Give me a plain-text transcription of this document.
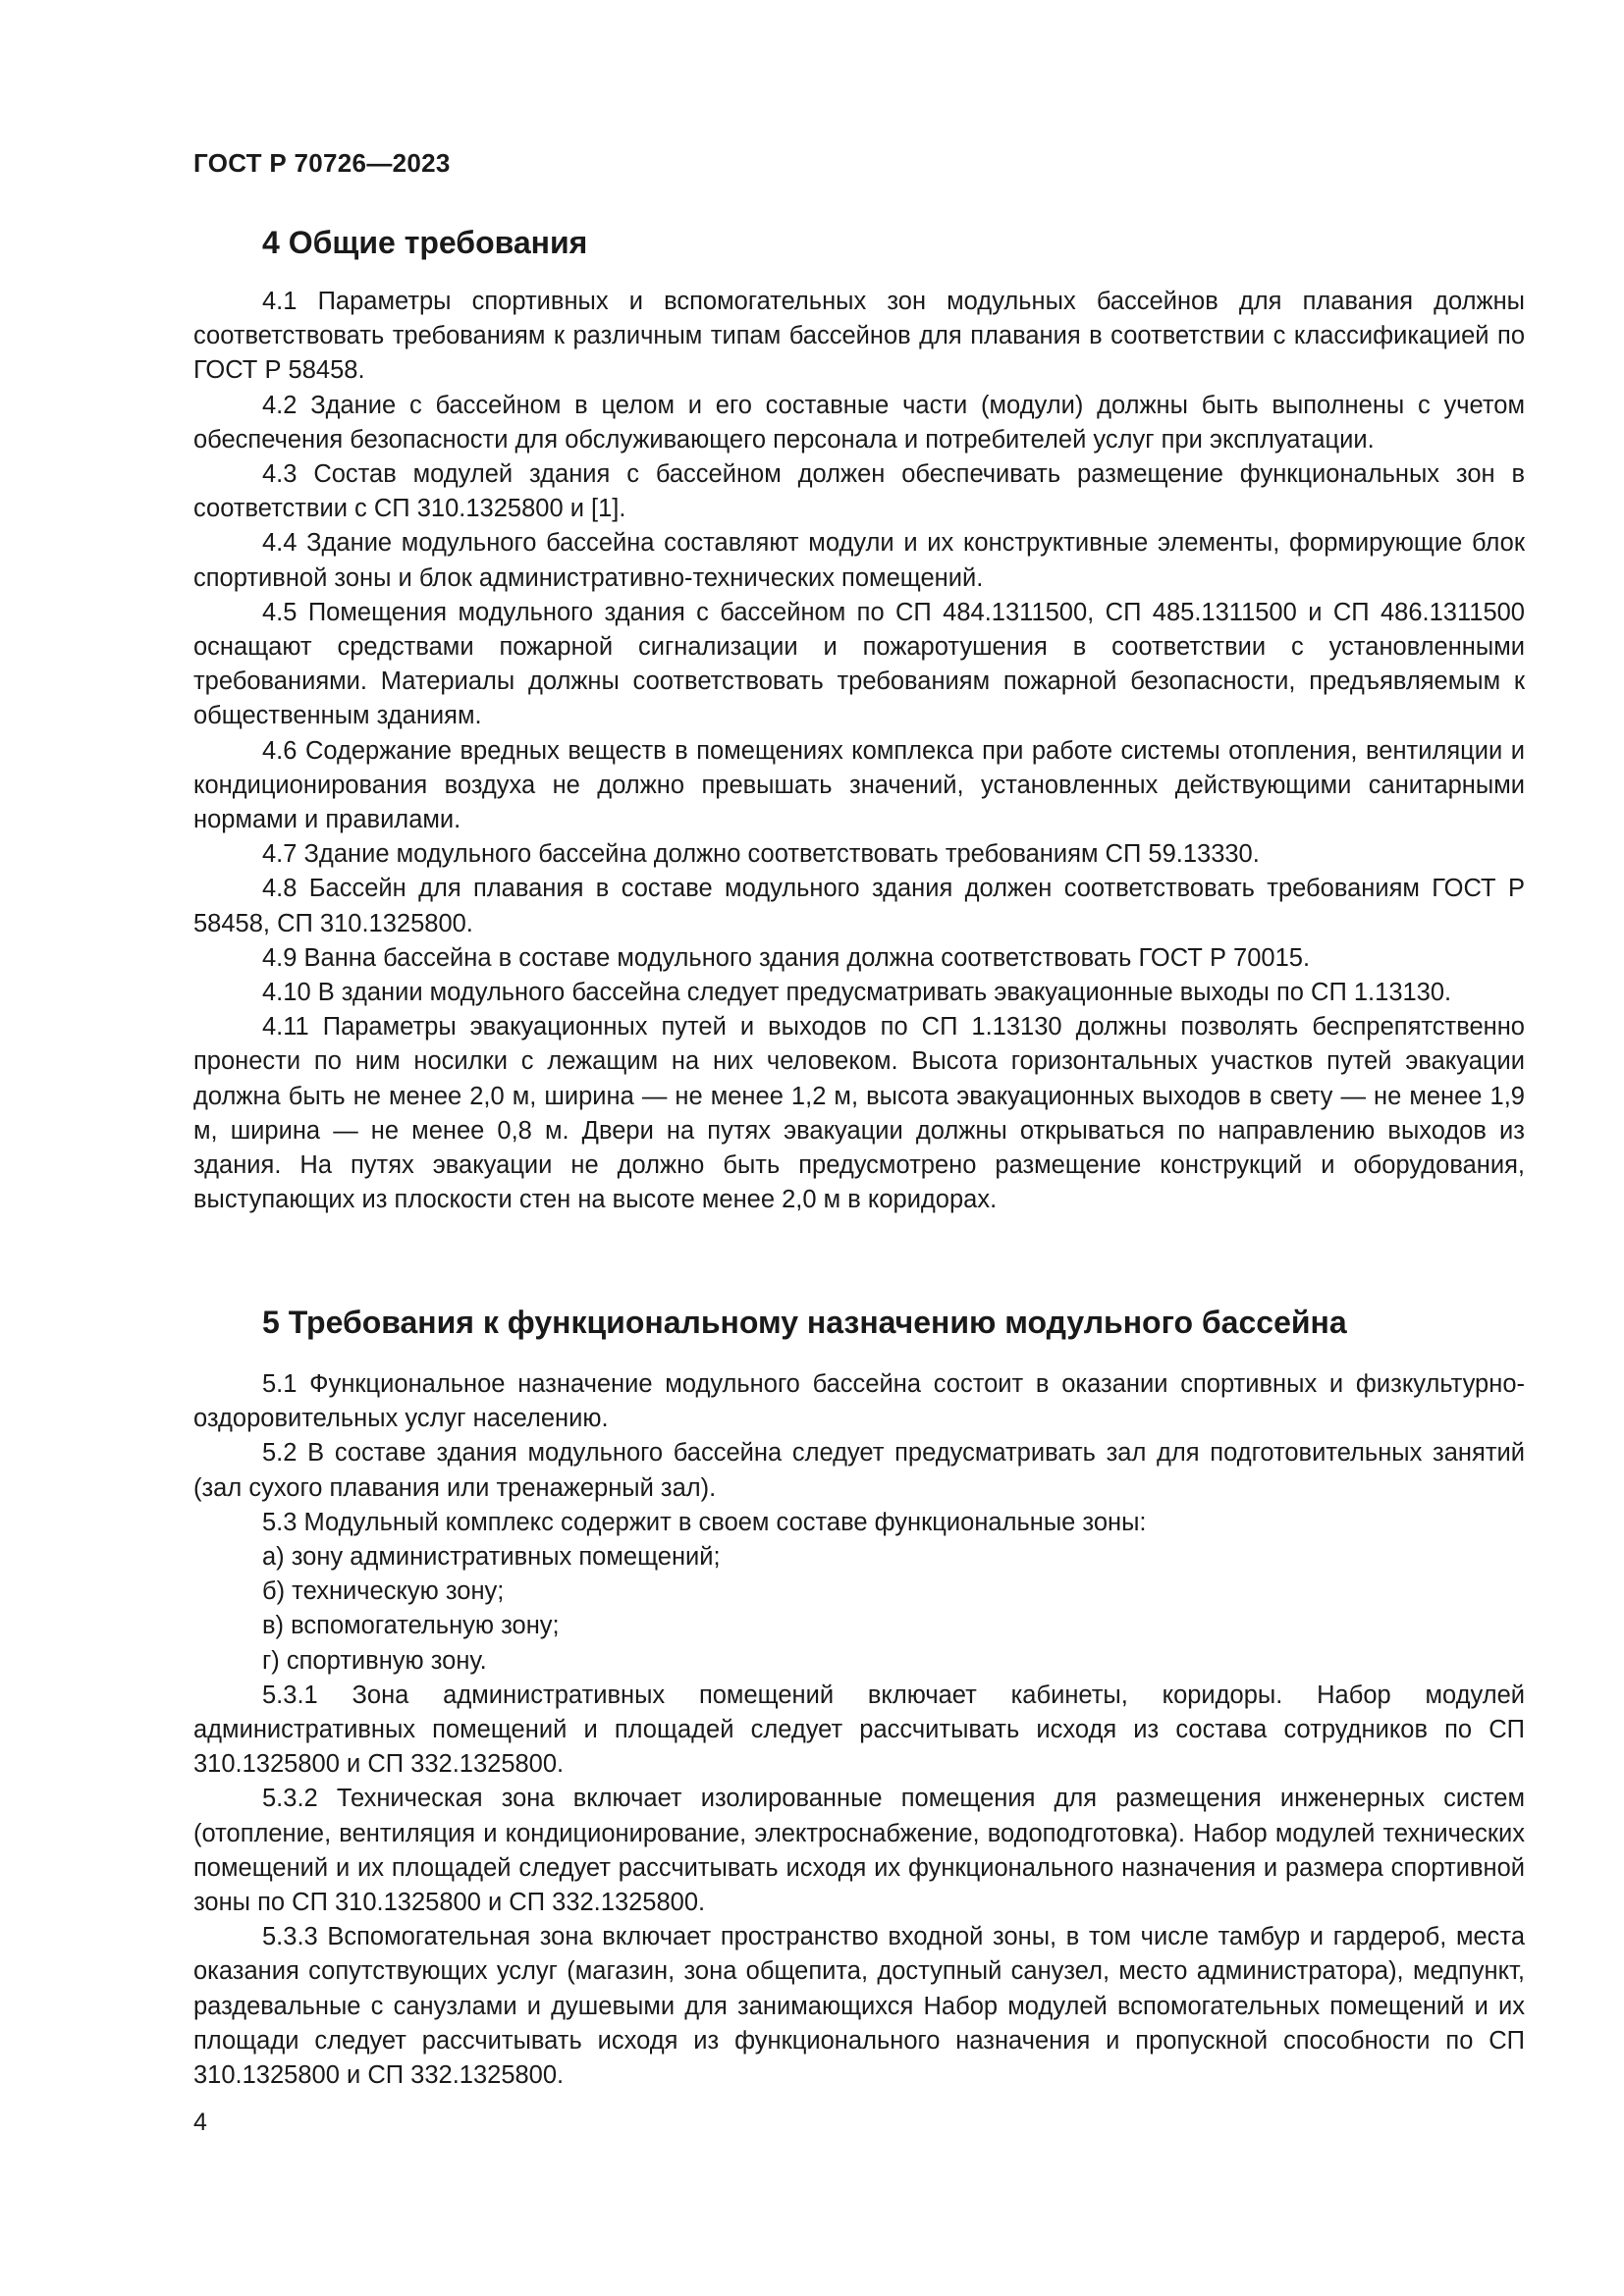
ГОСТ Р 70726—2023
4 Общие требования

4.1 Параметры спортивных и вспомогательных зон модульных бассейнов для плавания должны соответствовать требованиям к различным типам бассейнов для плавания в соответствии с классификацией по ГОСТ Р 58458.

4.2 Здание с бассейном в целом и его составные части (модули) должны быть выполнены с учетом обеспечения безопасности для обслуживающего персонала и потребителей услуг при эксплуатации.

4.3 Состав модулей здания с бассейном должен обеспечивать размещение функциональных зон в соответствии с СП 310.1325800 и [1].

4.4 Здание модульного бассейна составляют модули и их конструктивные элементы, формирующие блок спортивной зоны и блок административно-технических помещений.

4.5 Помещения модульного здания с бассейном по СП 484.1311500, СП 485.1311500 и СП 486.1311500 оснащают средствами пожарной сигнализации и пожаротушения в соответствии с установленными требованиями. Материалы должны соответствовать требованиям пожарной безопасности, предъявляемым к общественным зданиям.

4.6 Содержание вредных веществ в помещениях комплекса при работе системы отопления, вентиляции и кондиционирования воздуха не должно превышать значений, установленных действующими санитарными нормами и правилами.

4.7 Здание модульного бассейна должно соответствовать требованиям СП 59.13330.

4.8 Бассейн для плавания в составе модульного здания должен соответствовать требованиям ГОСТ Р 58458, СП 310.1325800.

4.9 Ванна бассейна в составе модульного здания должна соответствовать ГОСТ Р 70015.

4.10 В здании модульного бассейна следует предусматривать эвакуационные выходы по СП 1.13130.

4.11 Параметры эвакуационных путей и выходов по СП 1.13130 должны позволять беспрепятственно пронести по ним носилки с лежащим на них человеком. Высота горизонтальных участков путей эвакуации должна быть не менее 2,0 м, ширина — не менее 1,2 м, высота эвакуационных выходов в свету — не менее 1,9 м, ширина — не менее 0,8 м. Двери на путях эвакуации должны открываться по направлению выходов из здания. На путях эвакуации не должно быть предусмотрено размещение конструкций и оборудования, выступающих из плоскости стен на высоте менее 2,0 м в коридорах.

5 Требования к функциональному назначению модульного бассейна

5.1 Функциональное назначение модульного бассейна состоит в оказании спортивных и физкультурно-оздоровительных услуг населению.

5.2 В составе здания модульного бассейна следует предусматривать зал для подготовительных занятий (зал сухого плавания или тренажерный зал).

5.3 Модульный комплекс содержит в своем составе функциональные зоны:

а) зону административных помещений;

б) техническую зону;

в) вспомогательную зону;

г) спортивную зону.

5.3.1 Зона административных помещений включает кабинеты, коридоры. Набор модулей административных помещений и площадей следует рассчитывать исходя из состава сотрудников по СП 310.1325800 и СП 332.1325800.

5.3.2 Техническая зона включает изолированные помещения для размещения инженерных систем (отопление, вентиляция и кондиционирование, электроснабжение, водоподготовка). Набор модулей технических помещений и их площадей следует рассчитывать исходя их функционального назначения и размера спортивной зоны по СП 310.1325800 и СП 332.1325800.

5.3.3 Вспомогательная зона включает пространство входной зоны, в том числе тамбур и гардероб, места оказания сопутствующих услуг (магазин, зона общепита, доступный санузел, место администратора), медпункт, раздевальные с санузлами и душевыми для занимающихся Набор модулей вспомогательных помещений и их площади следует рассчитывать исходя из функционального назначения и пропускной способности по СП 310.1325800 и СП 332.1325800.

4
